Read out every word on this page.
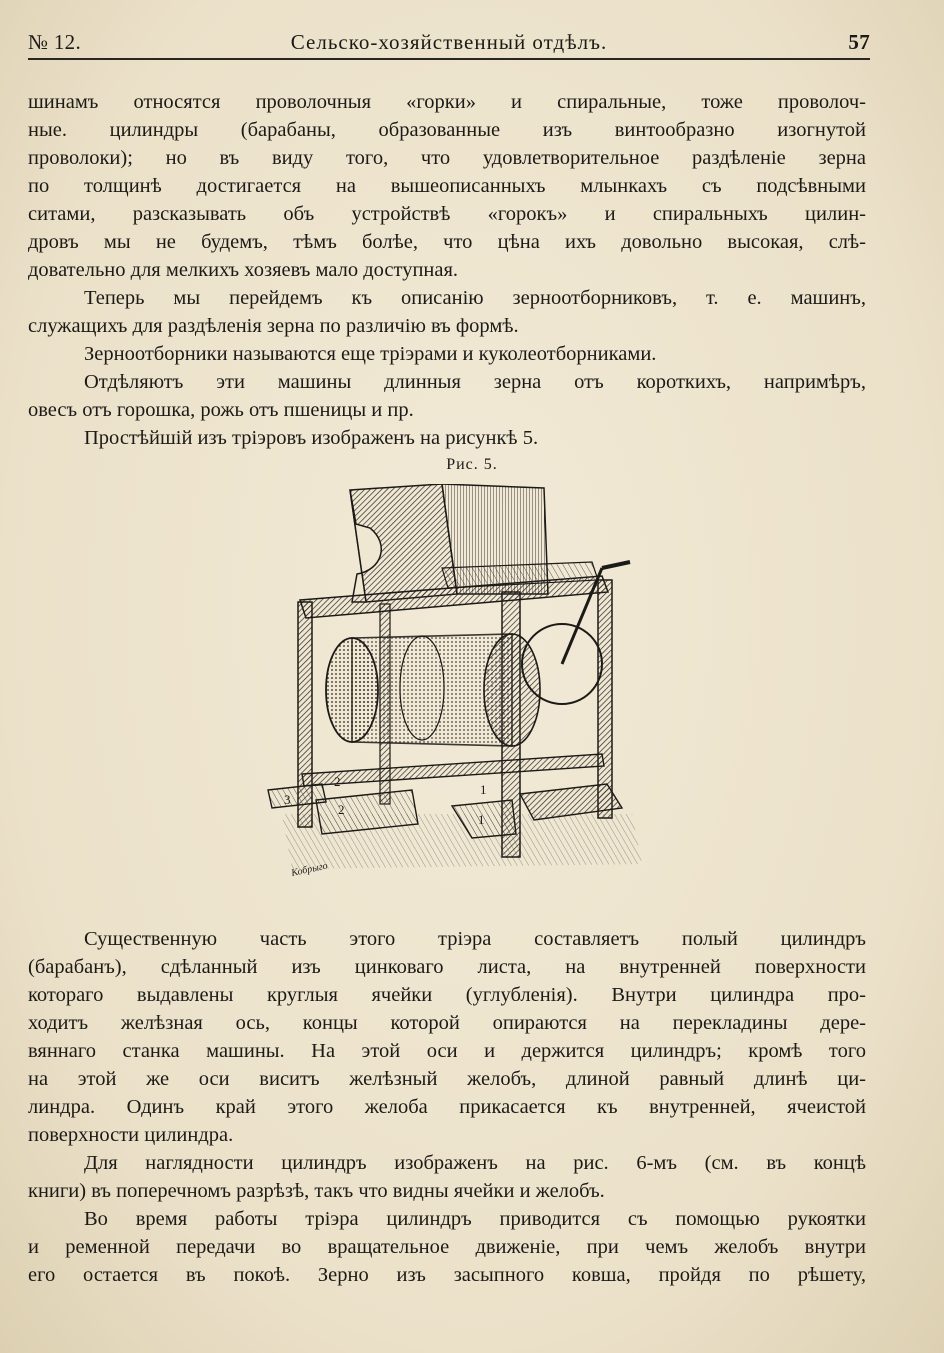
№ 12.	Сельско-хозяйственный отдѣлъ.	57
шинамъ относятся проволочныя «горки» и спиральные, тоже проволоч-
ные. цилиндры (барабаны, образованные изъ винтообразно изогнутой
проволоки); но въ виду того, что удовлетворительное раздѣленіе зерна
по толщинѣ достигается на вышеописанныхъ млынкахъ съ подсѣвными
ситами, разсказывать объ устройствѣ «горокъ» и спиральныхъ цилин-
дровъ мы не будемъ, тѣмъ болѣе, что цѣна ихъ довольно высокая, слѣ-
довательно для мелкихъ хозяевъ мало доступная.
Теперь мы перейдемъ къ описанію зерноотборниковъ, т. е. машинъ,
служащихъ для раздѣленія зерна по различію въ формѣ.
Зерноотборники называются еще тріэрами и куколеотборниками.
Отдѣляютъ эти машины длинныя зерна отъ короткихъ, напримѣръ,
овесъ отъ горошка, рожь отъ пшеницы и пр.
Простѣйшій изъ тріэровъ изображенъ на рисункѣ 5.
Рис. 5.
3
2
2
1
1
Кобрыго
Существенную часть этого тріэра составляетъ полый цилиндръ
(барабанъ), сдѣланный изъ цинковаго листа, на внутренней поверхности
котораго выдавлены круглыя ячейки (углубленія). Внутри цилиндра про-
ходитъ желѣзная ось, концы которой опираются на перекладины дере-
вяннаго станка машины. На этой оси и держится цилиндръ; кромѣ того
на этой же оси виситъ желѣзный желобъ, длиной равный длинѣ ци-
линдра. Одинъ край этого желоба прикасается къ внутренней, ячеистой
поверхности цилиндра.
Для наглядности цилиндръ изображенъ на рис. 6-мъ (см. въ концѣ
книги) въ поперечномъ разрѣзѣ, такъ что видны ячейки и желобъ.
Во время работы тріэра цилиндръ приводится съ помощью рукоятки
и ременной передачи во вращательное движеніе, при чемъ желобъ внутри
его остается въ покоѣ. Зерно изъ засыпного ковша, пройдя по рѣшету,
